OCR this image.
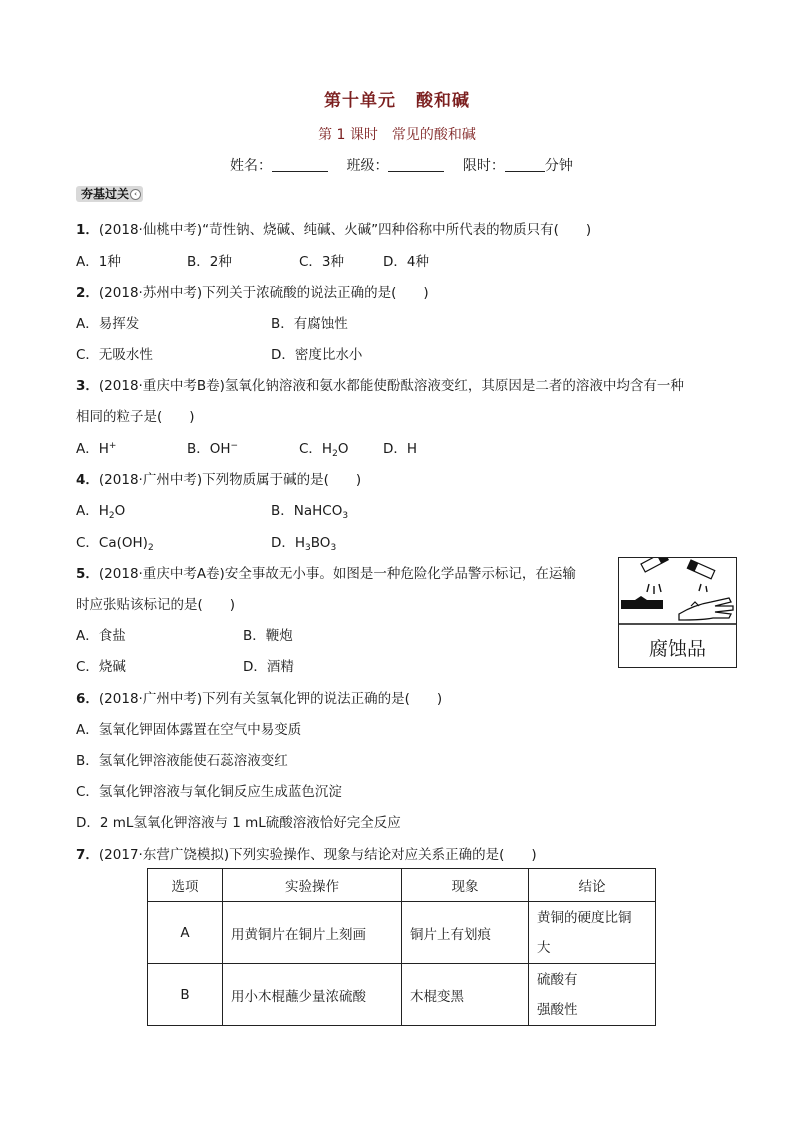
第十单元 酸和碱
第 1 课时 常见的酸和碱
姓名：	班级：	限时：	分钟
夯基过关 ‹
1．(2018·仙桃中考)“苛性钠、烧碱、纯碱、火碱”四种俗称中所代表的物质只有(　　)
A．1种	B．2种	C．3种	D．4种
2．(2018·苏州中考)下列关于浓硫酸的说法正确的是(　　)
A．易挥发	B．有腐蚀性
C．无吸水性	D．密度比水小
3．(2018·重庆中考B卷)氢氧化钠溶液和氨水都能使酚酞溶液变红，其原因是二者的溶液中均含有一种
相同的粒子是(　　)
A．H+	B．OH−	C．$H_2O$	D．H
4．(2018·广州中考)下列物质属于碱的是(　　)
A．$H_2O$	B．NaHCO$_3$
C．$Ca(OH)_2$	D．$H_3BO_3$
5．(2018·重庆中考A卷)安全事故无小事。如图是一种危险化学品警示标记，在运输
时应张贴该标记的是(　　)
A．食盐	B．鞭炮
C．烧碱	D．酒精
腐蚀品
6．(2018·广州中考)下列有关氢氧化钾的说法正确的是(　　)
A．氢氧化钾固体露置在空气中易变质
B．氢氧化钾溶液能使石蕊溶液变红
C．氢氧化钾溶液与氧化铜反应生成蓝色沉淀
D．2 mL氢氧化钾溶液与 1 mL硫酸溶液恰好完全反应
7．(2017·东营广饶模拟)下列实验操作、现象与结论对应关系正确的是(　　)
选项	实验操作	现象	结论
A	用黄铜片在铜片上刻画	铜片上有划痕	黄铜的硬度比铜
大
B	用小木棍蘸少量浓硫酸	木棍变黑	硫酸有
强酸性
